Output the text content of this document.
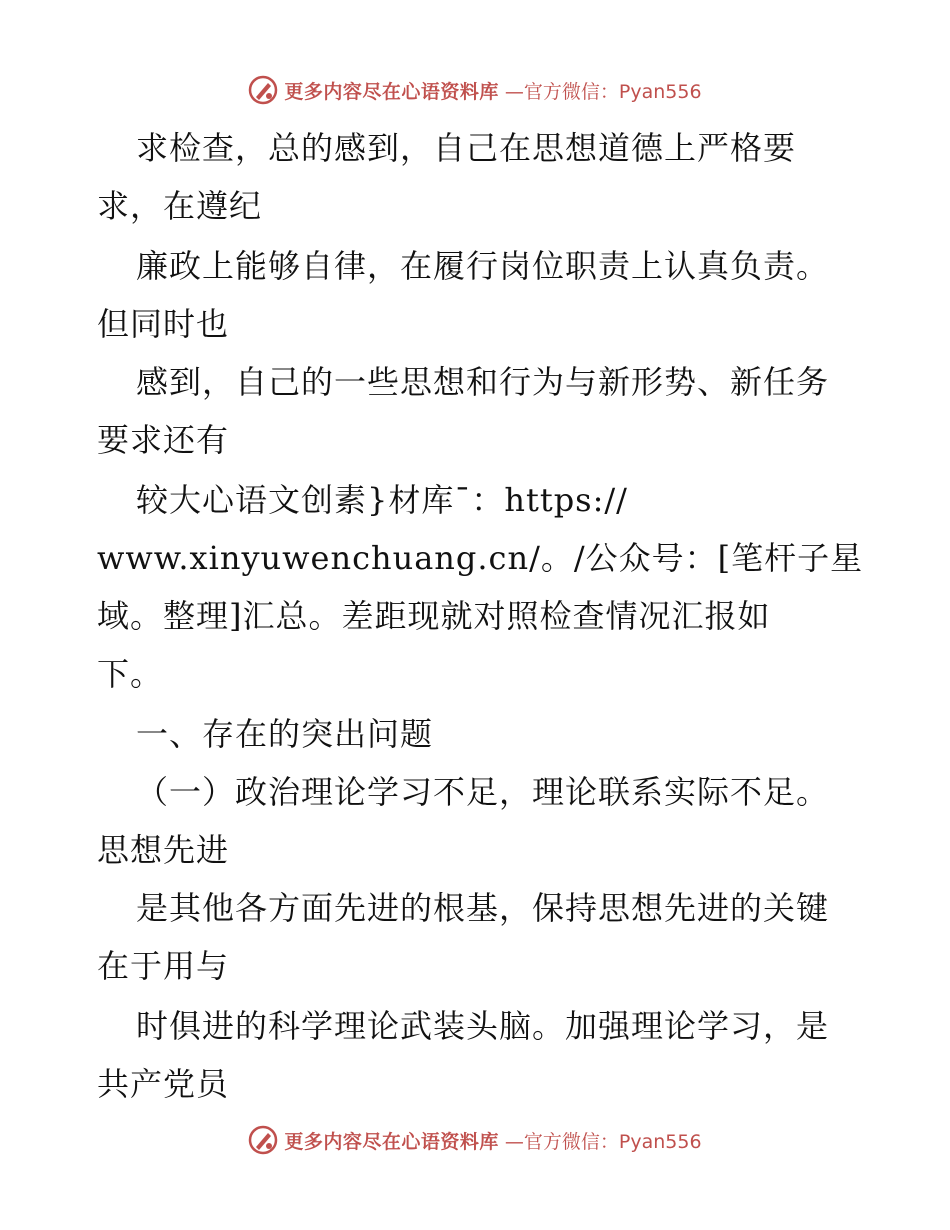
更多内容尽在心语资料库 —官方微信：Pyan556
求检查，总的感到，自己在思想道德上严格要
求，在遵纪
廉政上能够自律，在履行岗位职责上认真负责。
但同时也
感到，自己的一些思想和行为与新形势、新任务
要求还有
较大心语文创素}材库¯：https://
www.xinyuwenchuang.cn/。/公众号：[笔杆子星
域。整理]汇总。差距现就对照检查情况汇报如
下。
一、存在的突出问题
（一）政治理论学习不足，理论联系实际不足。
思想先进
是其他各方面先进的根基，保持思想先进的关键
在于用与
时俱进的科学理论武装头脑。加强理论学习，是
共产党员
更多内容尽在心语资料库 —官方微信：Pyan556
